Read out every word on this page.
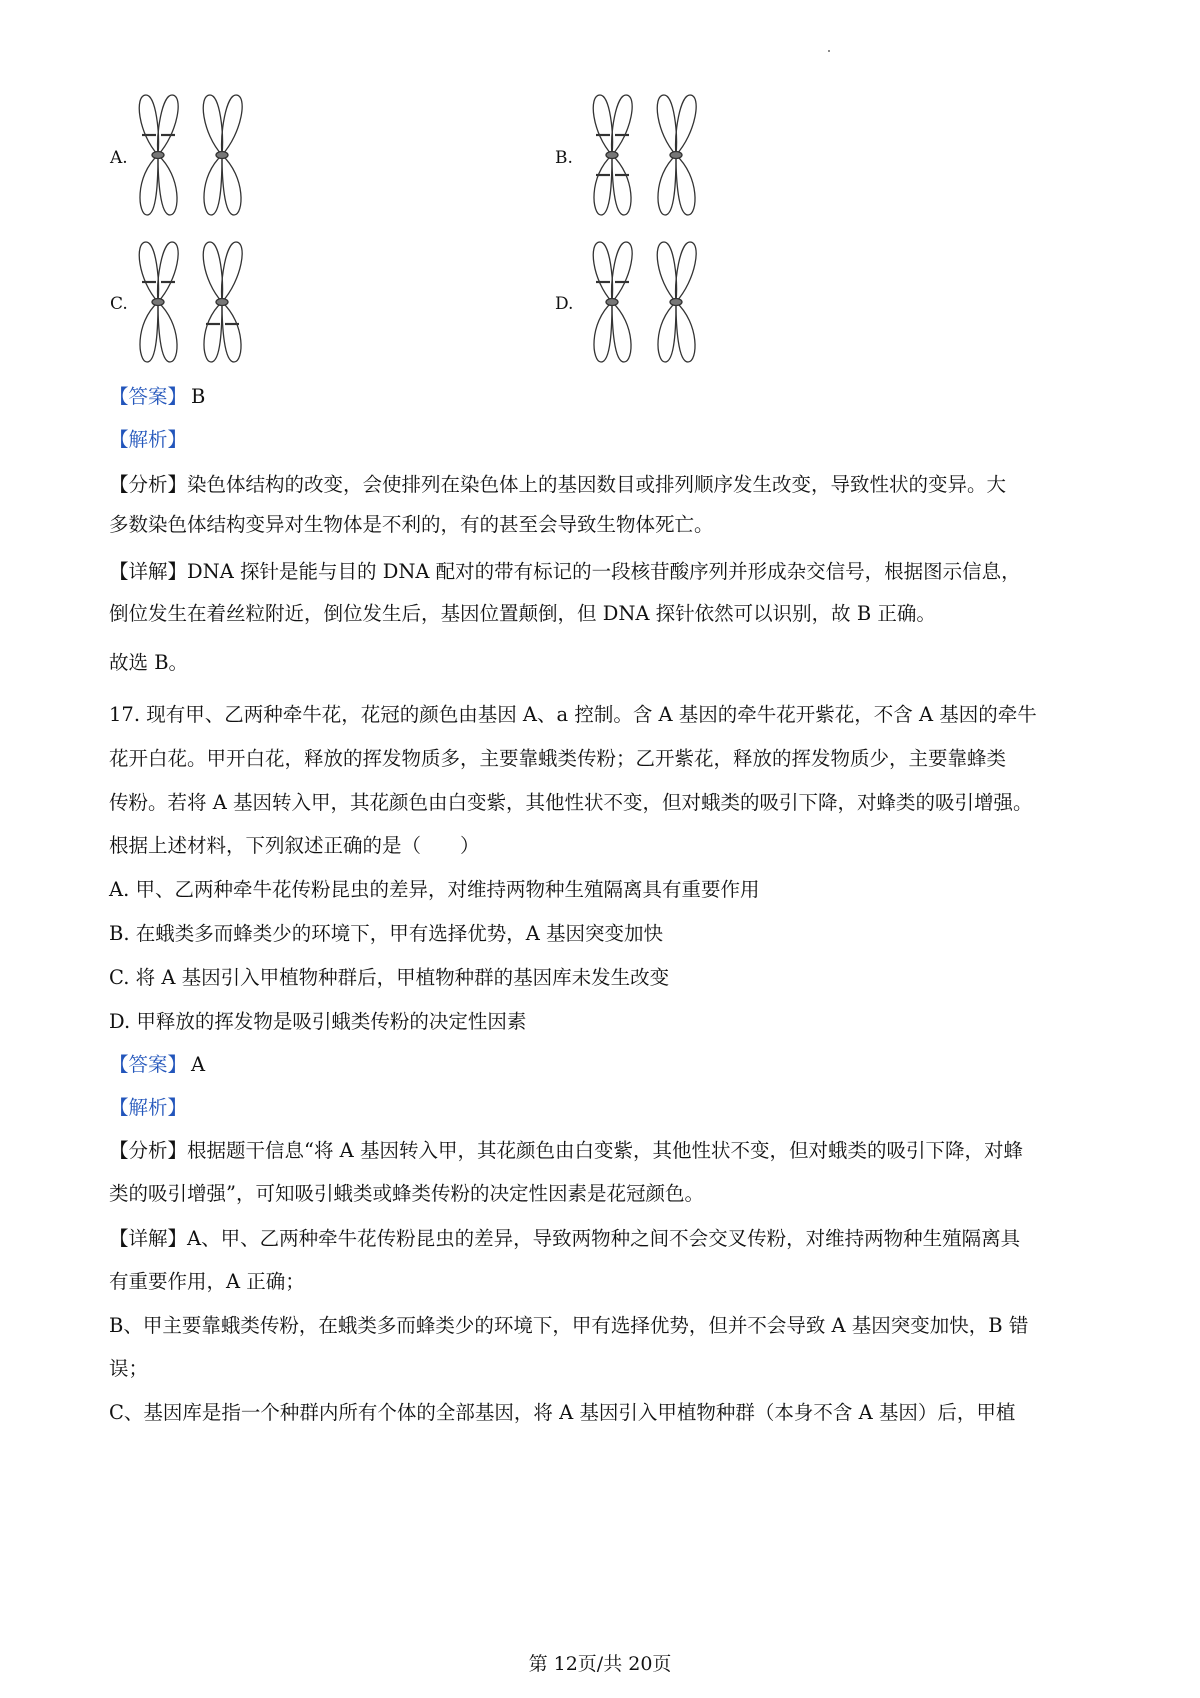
A.	B.
C.	D.
【答案】 B
【解析】
【分析】染色体结构的改变，会使排列在染色体上的基因数目或排列顺序发生改变，导致性状的变异。大
多数染色体结构变异对生物体是不利的，有的甚至会导致生物体死亡。
【详解】DNA 探针是能与目的 DNA 配对的带有标记的一段核苷酸序列并形成杂交信号，根据图示信息，
倒位发生在着丝粒附近，倒位发生后，基因位置颠倒，但 DNA 探针依然可以识别，故 B 正确。
故选 B。
17. 现有甲、乙两种牵牛花，花冠的颜色由基因 A、a 控制。含 A 基因的牵牛花开紫花，不含 A 基因的牵牛
花开白花。甲开白花，释放的挥发物质多，主要靠蛾类传粉；乙开紫花，释放的挥发物质少，主要靠蜂类
传粉。若将 A 基因转入甲，其花颜色由白变紫，其他性状不变，但对蛾类的吸引下降，对蜂类的吸引增强。
根据上述材料，下列叙述正确的是（　　）
A. 甲、乙两种牵牛花传粉昆虫的差异，对维持两物种生殖隔离具有重要作用
B. 在蛾类多而蜂类少的环境下，甲有选择优势，A 基因突变加快
C. 将 A 基因引入甲植物种群后，甲植物种群的基因库未发生改变
D. 甲释放的挥发物是吸引蛾类传粉的决定性因素
【答案】 A
【解析】
【分析】根据题干信息“将 A 基因转入甲，其花颜色由白变紫，其他性状不变，但对蛾类的吸引下降，对蜂
类的吸引增强”，可知吸引蛾类或蜂类传粉的决定性因素是花冠颜色。
【详解】A、甲、乙两种牵牛花传粉昆虫的差异，导致两物种之间不会交叉传粉，对维持两物种生殖隔离具
有重要作用，A 正确；
B、甲主要靠蛾类传粉，在蛾类多而蜂类少的环境下，甲有选择优势，但并不会导致 A 基因突变加快，B 错
误；
C、基因库是指一个种群内所有个体的全部基因，将 A 基因引入甲植物种群（本身不含 A 基因）后，甲植
第 12页/共 20页
